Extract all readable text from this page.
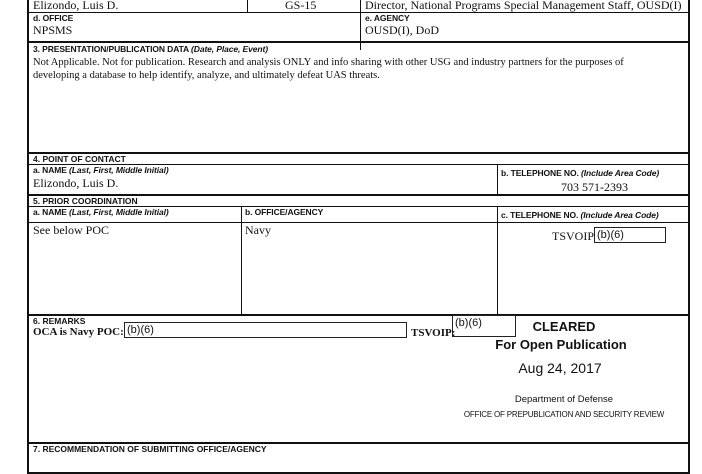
Elizondo, Luis D.	GS-15	Director, National Programs Special Management Staff, OUSD(I)
d. OFFICE
NPSMS
e. AGENCY
OUSD(I), DoD
3. PRESENTATION/PUBLICATION DATA (Date, Place, Event)
Not Applicable. Not for publication. Research and analysis ONLY and info sharing with other USG and industry partners for the purposes of
developing a database to help identify, analyze, and ultimately defeat UAS threats.
4. POINT OF CONTACT
a. NAME (Last, First, Middle Initial)
Elizondo, Luis D.
b. TELEPHONE NO. (Include Area Code)
703 571-2393
5. PRIOR COORDINATION
a. NAME (Last, First, Middle Initial)	b. OFFICE/AGENCY	c. TELEPHONE NO. (Include Area Code)
See below POC	Navy	TSVOIP (b)(6)
6. REMARKS
OCA is Navy POC: (b)(6)	TSVOIP:
(b)(6)	CLEARED
For Open Publication
Aug 24, 2017
Department of Defense
OFFICE OF PREPUBLICATION AND SECURITY REVIEW
7. RECOMMENDATION OF SUBMITTING OFFICE/AGENCY
